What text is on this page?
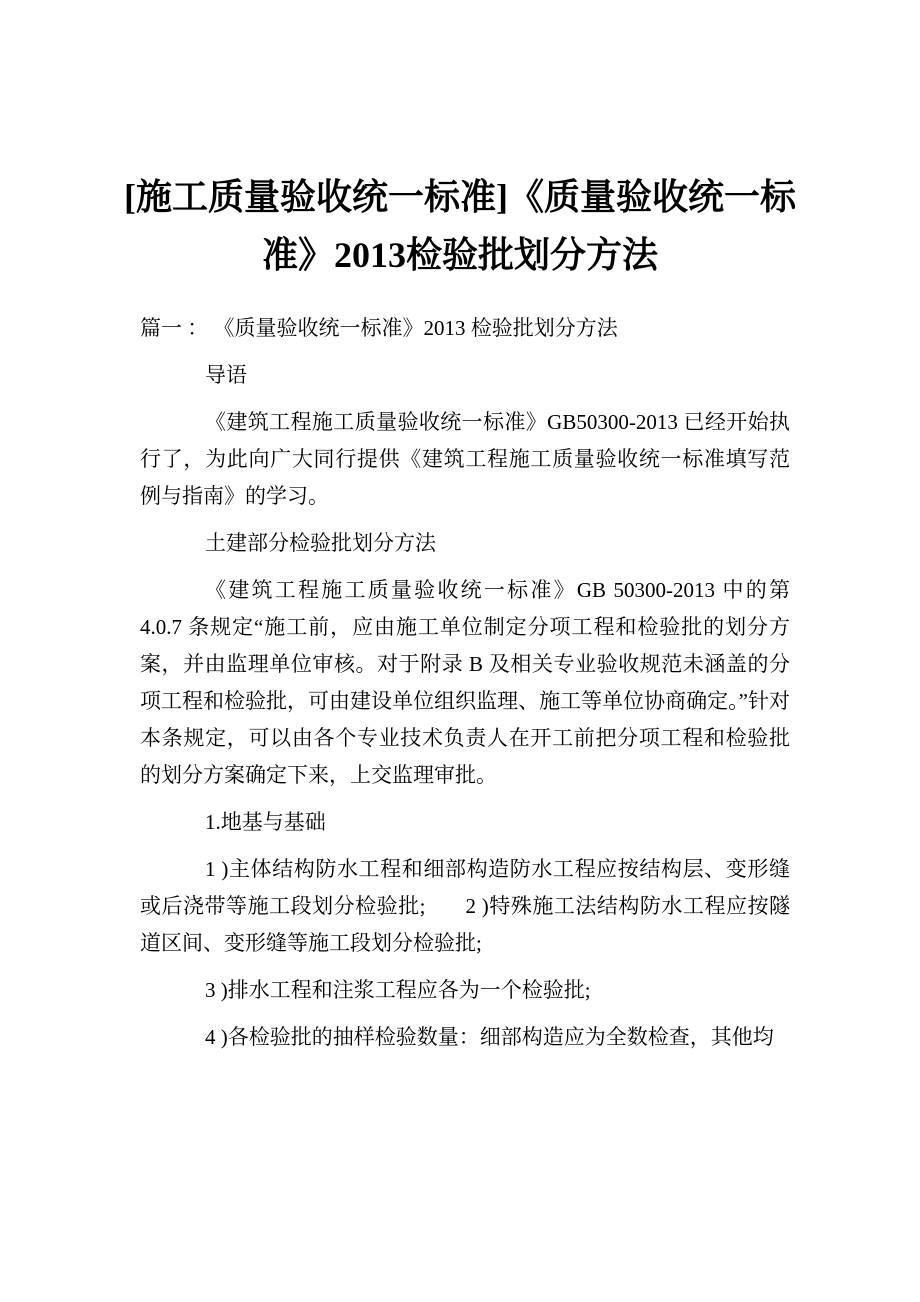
[施工质量验收统一标准]《质量验收统一标准》2013检验批划分方法

篇一 ： 《质量验收统一标准》2013 检验批划分方法

导语

《建筑工程施工质量验收统一标准》GB50300-2013 已经开始执行了，为此向广大同行提供《建筑工程施工质量验收统一标准填写范例与指南》的学习。

土建部分检验批划分方法

《建筑工程施工质量验收统一标准》GB 50300-2013 中的第 4.0.7 条规定“施工前，应由施工单位制定分项工程和检验批的划分方案，并由监理单位审核。对于附录 B 及相关专业验收规范未涵盖的分项工程和检验批，可由建设单位组织监理、施工等单位协商确定。”针对本条规定，可以由各个专业技术负责人在开工前把分项工程和检验批的划分方案确定下来，上交监理审批。

1.地基与基础

1 )主体结构防水工程和细部构造防水工程应按结构层、变形缝或后浇带等施工段划分检验批; 2 )特殊施工法结构防水工程应按隧道区间、变形缝等施工段划分检验批;

3 )排水工程和注浆工程应各为一个检验批;

4 )各检验批的抽样检验数量：细部构造应为全数检查，其他均
